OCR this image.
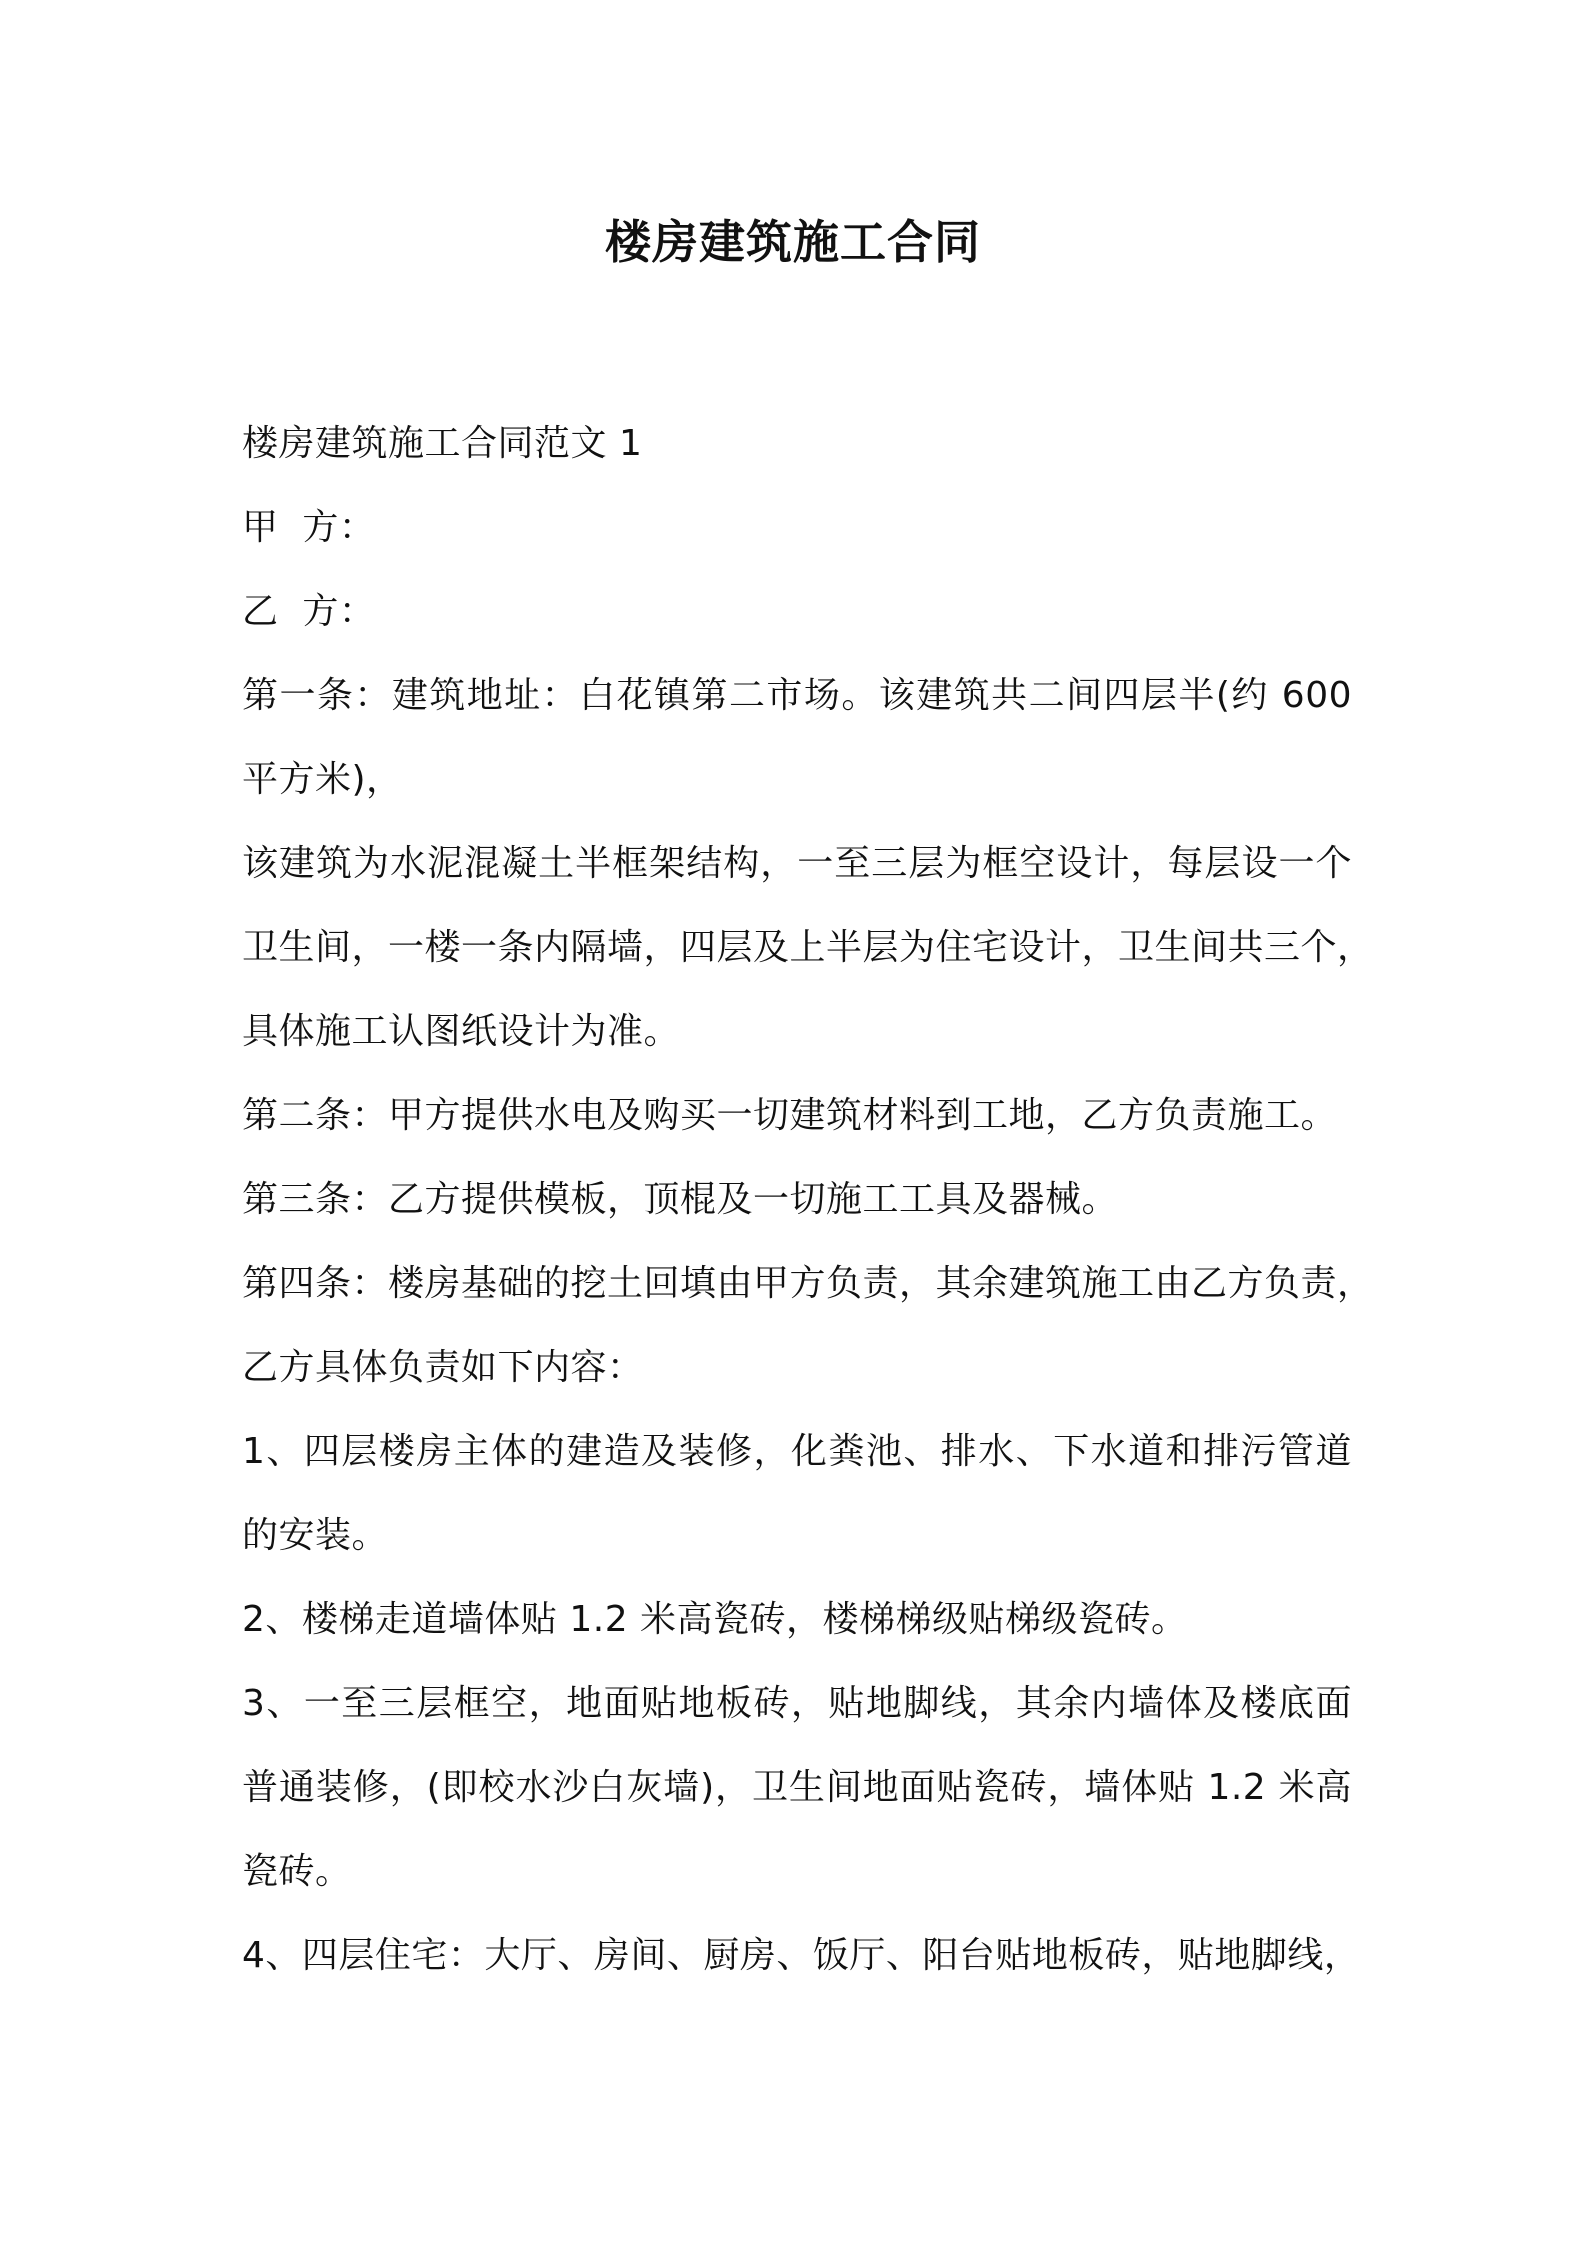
楼房建筑施工合同
楼房建筑施工合同范文 1
甲  方：
乙  方：
第一条：建筑地址：白花镇第二市场。该建筑共二间四层半(约 600
平方米)，
该建筑为水泥混凝土半框架结构，一至三层为框空设计，每层设一个
卫生间，一楼一条内隔墙，四层及上半层为住宅设计，卫生间共三个，
具体施工认图纸设计为准。
第二条：甲方提供水电及购买一切建筑材料到工地，乙方负责施工。
第三条：乙方提供模板，顶棍及一切施工工具及器械。
第四条：楼房基础的挖土回填由甲方负责，其余建筑施工由乙方负责，
乙方具体负责如下内容：
1、四层楼房主体的建造及装修，化粪池、排水、下水道和排污管道
的安装。
2、楼梯走道墙体贴 1.2 米高瓷砖，楼梯梯级贴梯级瓷砖。
3、一至三层框空，地面贴地板砖，贴地脚线，其余内墙体及楼底面
普通装修，(即校水沙白灰墙)，卫生间地面贴瓷砖，墙体贴 1.2 米高
瓷砖。
4、四层住宅：大厅、房间、厨房、饭厅、阳台贴地板砖，贴地脚线，
